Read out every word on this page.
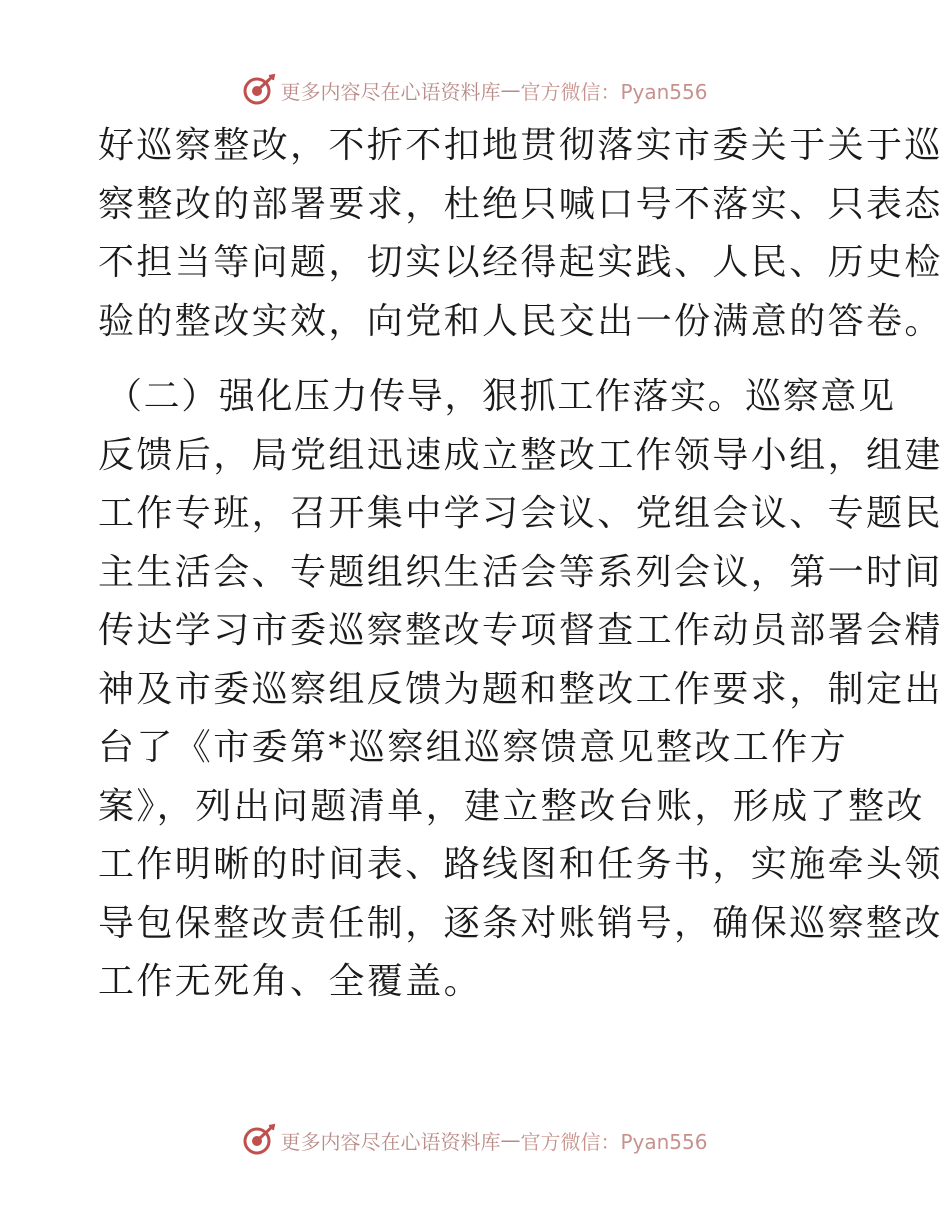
更多内容尽在心语资料库 — 官方微信：Pyan556
好巡察整改，不折不扣地贯彻落实市委关于关于巡
察整改的部署要求，杜绝只喊口号不落实、只表态
不担当等问题，切实以经得起实践、人民、历史检
验的整改实效，向党和人民交出一份满意的答卷。
（二）强化压力传导，狠抓工作落实。巡察意见
反馈后，局党组迅速成立整改工作领导小组，组建
工作专班，召开集中学习会议、党组会议、专题民
主生活会、专题组织生活会等系列会议，第一时间
传达学习市委巡察整改专项督查工作动员部署会精
神及市委巡察组反馈为题和整改工作要求，制定出
台了《市委第*巡察组巡察馈意见整改工作方
案》，列出问题清单，建立整改台账，形成了整改
工作明晰的时间表、路线图和任务书，实施牵头领
导包保整改责任制，逐条对账销号，确保巡察整改
工作无死角、全覆盖。
更多内容尽在心语资料库 — 官方微信：Pyan556
